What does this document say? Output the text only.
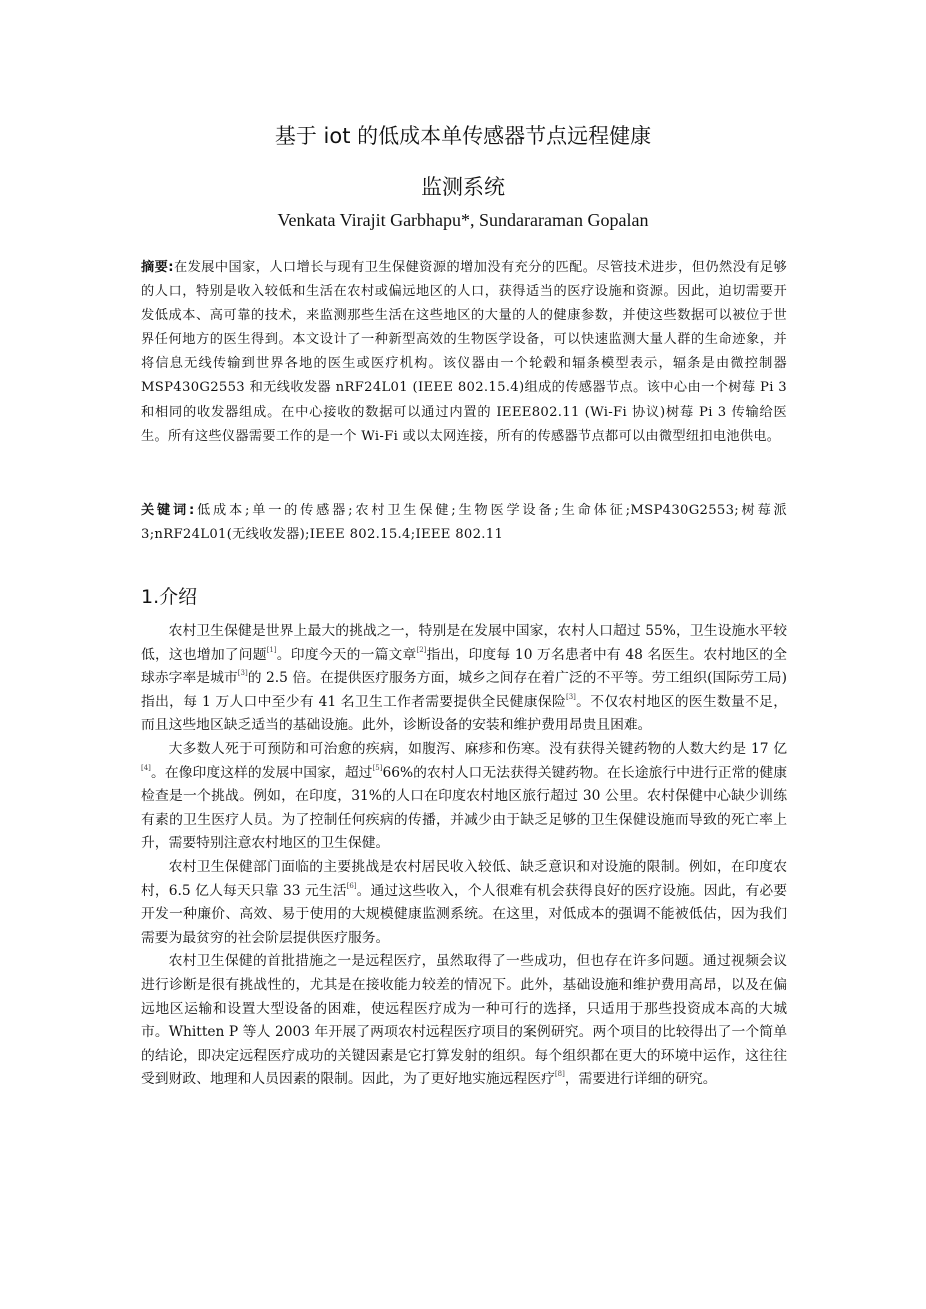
基于 iot 的低成本单传感器节点远程健康
监测系统
Venkata Virajit Garbhapu*, Sundararaman Gopalan
摘要:在发展中国家，人口增长与现有卫生保健资源的增加没有充分的匹配。尽管技术进步，但仍然没有足够的人口，特别是收入较低和生活在农村或偏远地区的人口，获得适当的医疗设施和资源。因此，迫切需要开发低成本、高可靠的技术，来监测那些生活在这些地区的大量的人的健康参数，并使这些数据可以被位于世界任何地方的医生得到。本文设计了一种新型高效的生物医学设备，可以快速监测大量人群的生命迹象，并将信息无线传输到世界各地的医生或医疗机构。该仪器由一个轮毂和辐条模型表示，辐条是由微控制器 MSP430G2553 和无线收发器 nRF24L01 (IEEE 802.15.4)组成的传感器节点。该中心由一个树莓 Pi 3 和相同的收发器组成。在中心接收的数据可以通过内置的 IEEE802.11 (Wi-Fi 协议)树莓 Pi 3 传输给医生。所有这些仪器需要工作的是一个 Wi-Fi 或以太网连接，所有的传感器节点都可以由微型纽扣电池供电。
关键词:低成本;单一的传感器;农村卫生保健;生物医学设备;生命体征;MSP430G2553;树莓派 3;nRF24L01(无线收发器);IEEE 802.15.4;IEEE 802.11
1.介绍

农村卫生保健是世界上最大的挑战之一，特别是在发展中国家，农村人口超过 55%，卫生设施水平较低，这也增加了问题[1]。印度今天的一篇文章[2]指出，印度每 10 万名患者中有 48 名医生。农村地区的全球赤字率是城市[3]的 2.5 倍。在提供医疗服务方面，城乡之间存在着广泛的不平等。劳工组织(国际劳工局)指出，每 1 万人口中至少有 41 名卫生工作者需要提供全民健康保险[3]。不仅农村地区的医生数量不足，而且这些地区缺乏适当的基础设施。此外，诊断设备的安装和维护费用昂贵且困难。

大多数人死于可预防和可治愈的疾病，如腹泻、麻疹和伤寒。没有获得关键药物的人数大约是 17 亿[4]。在像印度这样的发展中国家，超过[5]66%的农村人口无法获得关键药物。在长途旅行中进行正常的健康检查是一个挑战。例如，在印度，31%的人口在印度农村地区旅行超过 30 公里。农村保健中心缺少训练有素的卫生医疗人员。为了控制任何疾病的传播，并减少由于缺乏足够的卫生保健设施而导致的死亡率上升，需要特别注意农村地区的卫生保健。

农村卫生保健部门面临的主要挑战是农村居民收入较低、缺乏意识和对设施的限制。例如，在印度农村，6.5 亿人每天只靠 33 元生活[6]。通过这些收入，个人很难有机会获得良好的医疗设施。因此，有必要开发一种廉价、高效、易于使用的大规模健康监测系统。在这里，对低成本的强调不能被低估，因为我们需要为最贫穷的社会阶层提供医疗服务。

农村卫生保健的首批措施之一是远程医疗，虽然取得了一些成功，但也存在许多问题。通过视频会议进行诊断是很有挑战性的，尤其是在接收能力较差的情况下。此外，基础设施和维护费用高昂，以及在偏远地区运输和设置大型设备的困难，使远程医疗成为一种可行的选择，只适用于那些投资成本高的大城市。Whitten P 等人 2003 年开展了两项农村远程医疗项目的案例研究。两个项目的比较得出了一个简单的结论，即决定远程医疗成功的关键因素是它打算发射的组织。每个组织都在更大的环境中运作，这往往受到财政、地理和人员因素的限制。因此，为了更好地实施远程医疗[8]，需要进行详细的研究。
